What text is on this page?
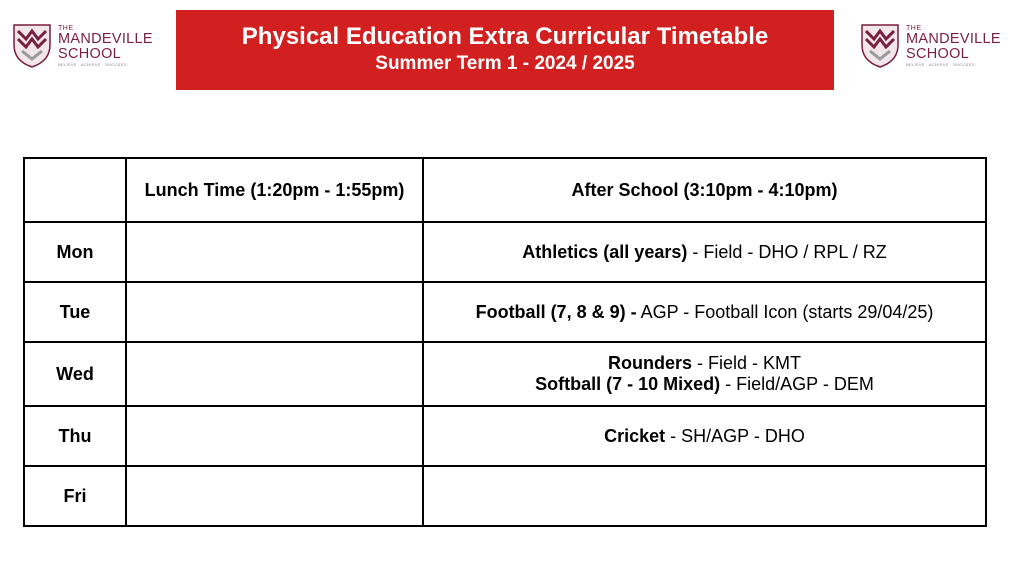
THE
MANDEVILLE
SCHOOL
BELIEVE · ACHIEVE · SUCCEED
Physical Education Extra Curricular Timetable
Summer Term 1 - 2024 / 2025
THE
MANDEVILLE
SCHOOL
BELIEVE · ACHIEVE · SUCCEED
	Lunch Time (1:20pm - 1:55pm)	After School (3:10pm - 4:10pm)
Mon		Athletics (all years) - Field - DHO / RPL / RZ

Tue		Football (7, 8 & 9) - AGP - Football Icon (starts 29/04/25)

Wed		Rounders - Field - KMT
Softball (7 - 10 Mixed) - Field/AGP - DEM

Thu		Cricket - SH/AGP - DHO

Fri		
